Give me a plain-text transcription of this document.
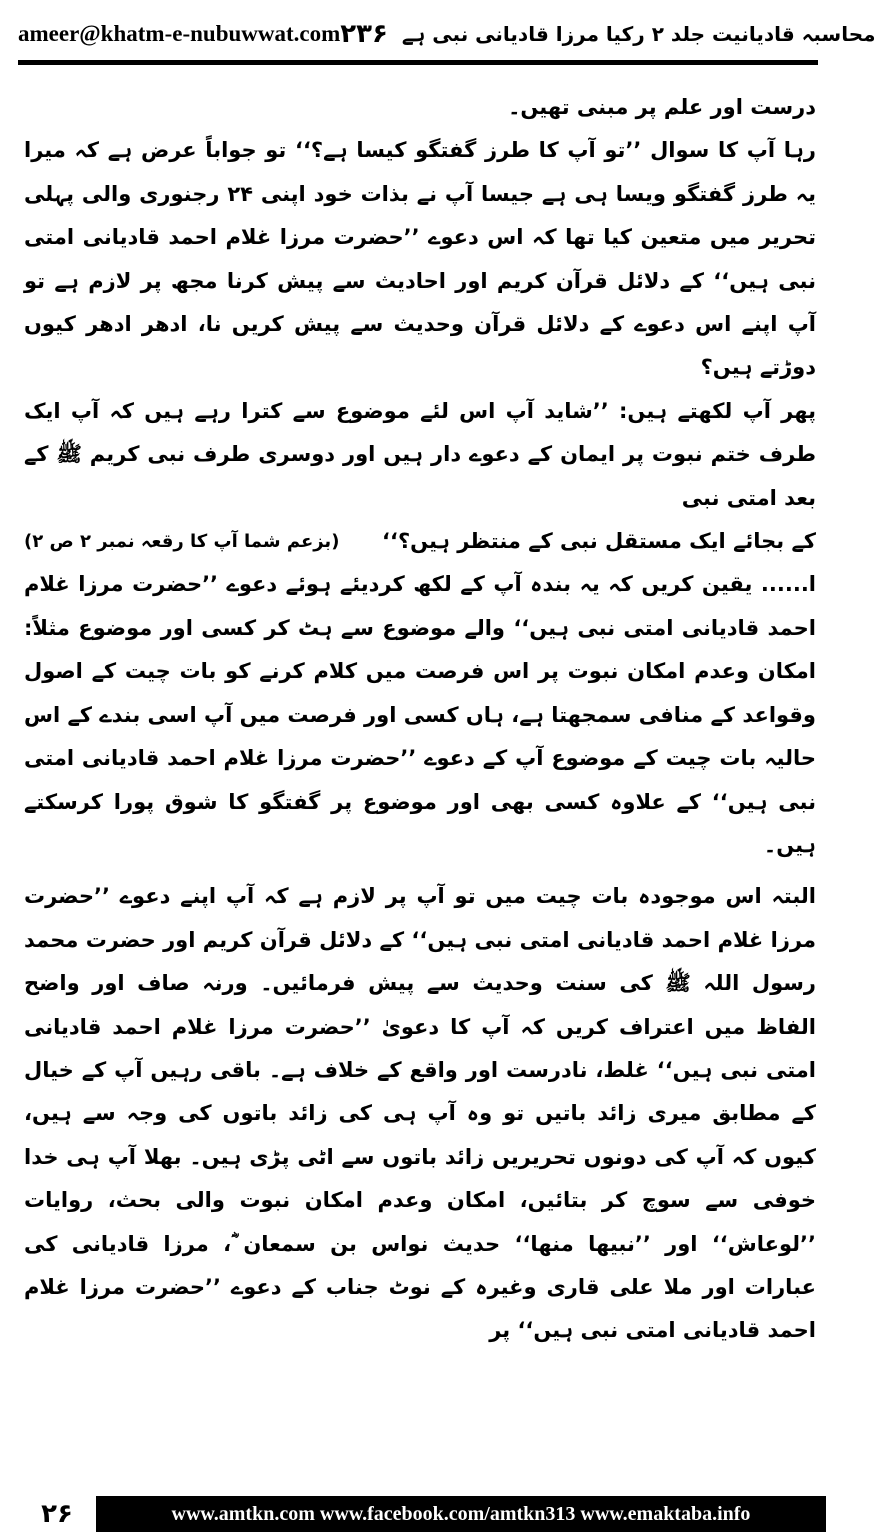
ameer@khatm-e-nubuwwat.com	محاسبہ قادیانیت جلد ۲ رکیا مرزا قادیانی نبی ہے
۲۳۶

درست اور علم پر مبنی تھیں۔

رہا آپ کا سوال ’’تو آپ کا طرز گفتگو کیسا ہے؟‘‘ تو جواباً عرض ہے کہ میرا یہ طرز گفتگو ویسا ہی ہے جیسا آپ نے بذات خود اپنی ۲۴ رجنوری والی پہلی تحریر میں متعین کیا تھا کہ اس دعوے ’’حضرت مرزا غلام احمد قادیانی امتی نبی ہیں‘‘ کے دلائل قرآن کریم اور احادیث سے پیش کرنا مجھ پر لازم ہے تو آپ اپنے اس دعوے کے دلائل قرآن وحدیث سے پیش کریں نا، ادھر ادھر کیوں دوڑتے ہیں؟

پھر آپ لکھتے ہیں: ’’شاید آپ اس لئے موضوع سے کترا رہے ہیں کہ آپ ایک طرف ختم نبوت پر ایمان کے دعوے دار ہیں اور دوسری طرف نبی کریم ﷺ کے بعد امتی نبی

کے بجائے ایک مستقل نبی کے منتظر ہیں؟‘‘
(بزعم شما آپ کا رقعہ نمبر ۲ ص ۲)

ا...... یقین کریں کہ یہ بندہ آپ کے لکھ کردیئے ہوئے دعوے ’’حضرت مرزا غلام احمد قادیانی امتی نبی ہیں‘‘ والے موضوع سے ہٹ کر کسی اور موضوع مثلاً: امکان وعدم امکان نبوت پر اس فرصت میں کلام کرنے کو بات چیت کے اصول وقواعد کے منافی سمجھتا ہے، ہاں کسی اور فرصت میں آپ اسی بندے کے اس حالیہ بات چیت کے موضوع آپ کے دعوے ’’حضرت مرزا غلام احمد قادیانی امتی نبی ہیں‘‘ کے علاوہ کسی بھی اور موضوع پر گفتگو کا شوق پورا کرسکتے ہیں۔

البتہ اس موجودہ بات چیت میں تو آپ پر لازم ہے کہ آپ اپنے دعوے ’’حضرت مرزا غلام احمد قادیانی امتی نبی ہیں‘‘ کے دلائل قرآن کریم اور حضرت محمد رسول اللہ ﷺ کی سنت وحدیث سے پیش فرمائیں۔ ورنہ صاف اور واضح الفاظ میں اعتراف کریں کہ آپ کا دعویٰ ’’حضرت مرزا غلام احمد قادیانی امتی نبی ہیں‘‘ غلط، نادرست اور واقع کے خلاف ہے۔ باقی رہیں آپ کے خیال کے مطابق میری زائد باتیں تو وہ آپ ہی کی زائد باتوں کی وجہ سے ہیں، کیوں کہ آپ کی دونوں تحریریں زائد باتوں سے اٹی پڑی ہیں۔ بھلا آپ ہی خدا خوفی سے سوچ کر بتائیں، امکان وعدم امکان نبوت والی بحث، روایات ’’لوعاش‘‘ اور ’’نبیھا منھا‘‘ حدیث نواس بن سمعان ؓ، مرزا قادیانی کی عبارات اور ملا علی قاری وغیرہ کے نوٹ جناب کے دعوے ’’حضرت مرزا غلام احمد قادیانی امتی نبی ہیں‘‘ پر

۲۶	www.amtkn.com www.facebook.com/amtkn313 www.emaktaba.info
